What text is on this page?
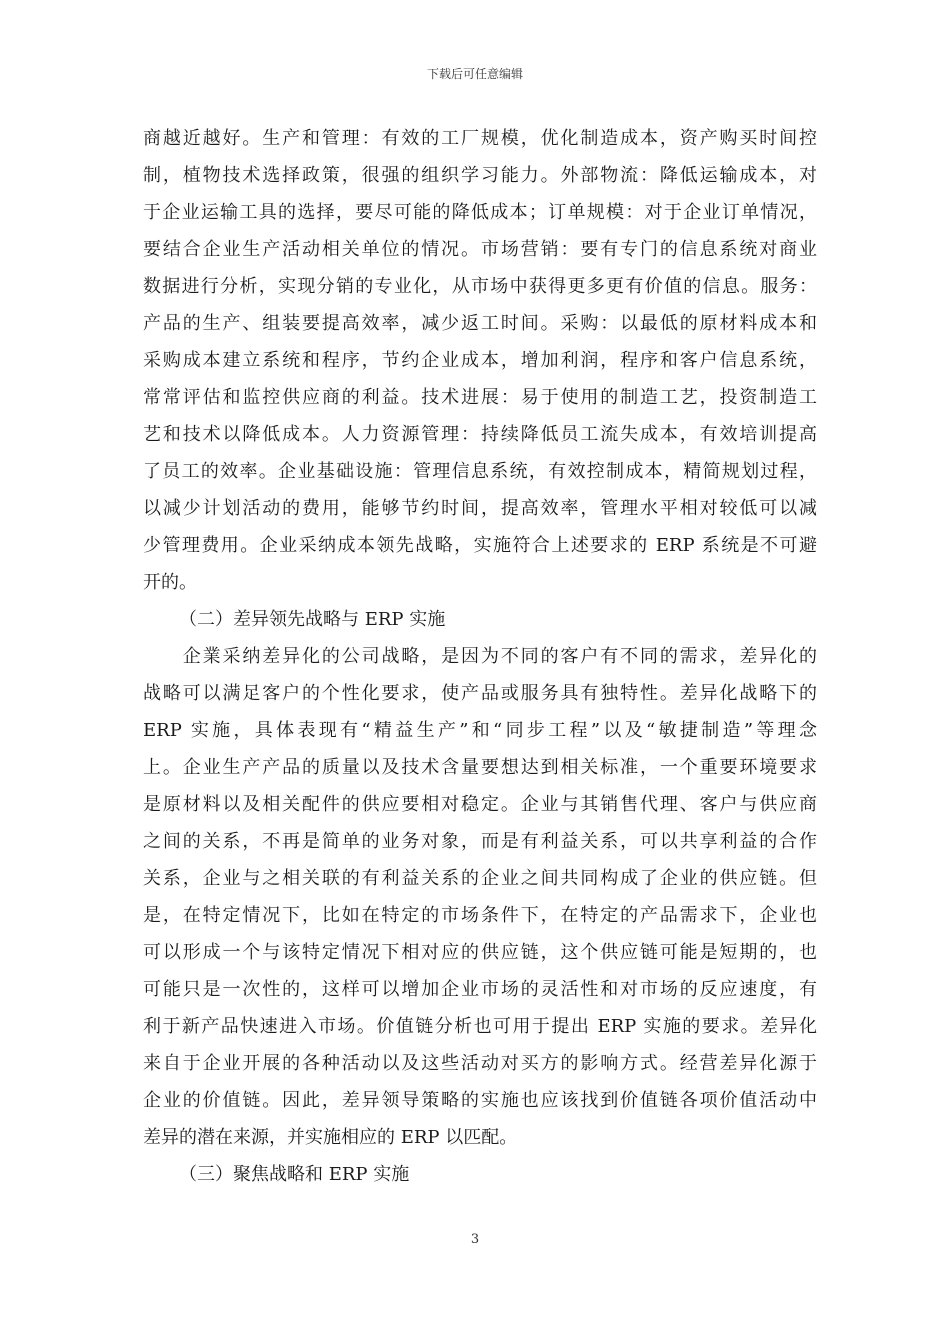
下载后可任意编辑
商越近越好。生产和管理：有效的工厂规模，优化制造成本，资产购买时间控
制，植物技术选择政策，很强的组织学习能力。外部物流：降低运输成本，对
于企业运输工具的选择，要尽可能的降低成本；订单规模：对于企业订单情况，
要结合企业生产活动相关单位的情况。市场营销：要有专门的信息系统对商业
数据进行分析，实现分销的专业化，从市场中获得更多更有价值的信息。服务：
产品的生产、组装要提高效率，减少返工时间。采购：以最低的原材料成本和
采购成本建立系统和程序，节约企业成本，增加利润，程序和客户信息系统，
常常评估和监控供应商的利益。技术进展：易于使用的制造工艺，投资制造工
艺和技术以降低成本。人力资源管理：持续降低员工流失成本，有效培训提高
了员工的效率。企业基础设施：管理信息系统，有效控制成本，精简规划过程，
以减少计划活动的费用，能够节约时间，提高效率，管理水平相对较低可以减
少管理费用。企业采纳成本领先战略，实施符合上述要求的 ERP 系统是不可避
开的。
（二）差异领先战略与 ERP 实施
　　企業采纳差异化的公司战略，是因为不同的客户有不同的需求，差异化的
战略可以满足客户的个性化要求，使产品或服务具有独特性。差异化战略下的
ERP 实施，具体表现有“精益生产”和“同步工程”以及“敏捷制造”等理念
上。企业生产产品的质量以及技术含量要想达到相关标准，一个重要环境要求
是原材料以及相关配件的供应要相对稳定。企业与其销售代理、客户与供应商
之间的关系，不再是简单的业务对象，而是有利益关系，可以共享利益的合作
关系，企业与之相关联的有利益关系的企业之间共同构成了企业的供应链。但
是，在特定情况下，比如在特定的市场条件下，在特定的产品需求下，企业也
可以形成一个与该特定情况下相对应的供应链，这个供应链可能是短期的，也
可能只是一次性的，这样可以增加企业市场的灵活性和对市场的反应速度，有
利于新产品快速进入市场。价值链分析也可用于提出 ERP 实施的要求。差异化
来自于企业开展的各种活动以及这些活动对买方的影响方式。经营差异化源于
企业的价值链。因此，差异领导策略的实施也应该找到价值链各项价值活动中
差异的潜在来源，并实施相应的 ERP 以匹配。
（三）聚焦战略和 ERP 实施
3
